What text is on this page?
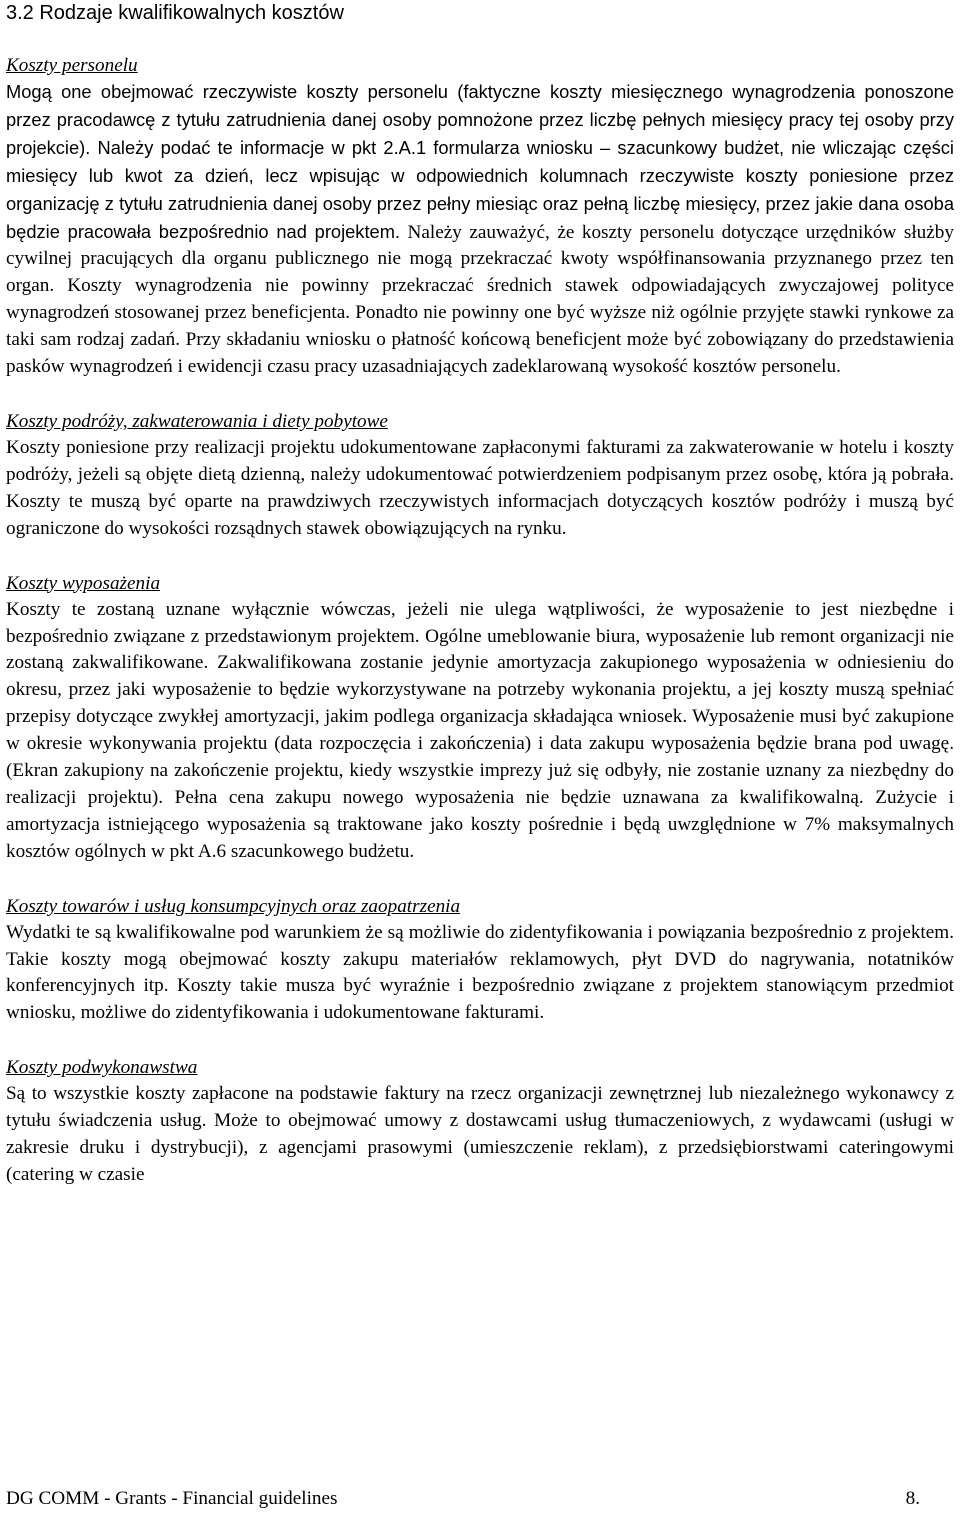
3.2 Rodzaje kwalifikowalnych kosztów
Koszty personelu

Mogą one obejmować rzeczywiste koszty personelu (faktyczne koszty miesięcznego wynagrodzenia ponoszone przez pracodawcę z tytułu zatrudnienia danej osoby pomnożone przez liczbę pełnych miesięcy pracy tej osoby przy projekcie). Należy podać te informacje w pkt 2.A.1 formularza wniosku – szacunkowy budżet, nie wliczając części miesięcy lub kwot za dzień, lecz wpisując w odpowiednich kolumnach rzeczywiste koszty poniesione przez organizację z tytułu zatrudnienia danej osoby przez pełny miesiąc oraz pełną liczbę miesięcy, przez jakie dana osoba będzie pracowała bezpośrednio nad projektem. Należy zauważyć, że koszty personelu dotyczące urzędników służby cywilnej pracujących dla organu publicznego nie mogą przekraczać kwoty współfinansowania przyznanego przez ten organ. Koszty wynagrodzenia nie powinny przekraczać średnich stawek odpowiadających zwyczajowej polityce wynagrodzeń stosowanej przez beneficjenta. Ponadto nie powinny one być wyższe niż ogólnie przyjęte stawki rynkowe za taki sam rodzaj zadań. Przy składaniu wniosku o płatność końcową beneficjent może być zobowiązany do przedstawienia pasków wynagrodzeń i ewidencji czasu pracy uzasadniających zadeklarowaną wysokość kosztów personelu.

Koszty podróży, zakwaterowania i diety pobytowe

Koszty poniesione przy realizacji projektu udokumentowane zapłaconymi fakturami za zakwaterowanie w hotelu i koszty podróży, jeżeli są objęte dietą dzienną, należy udokumentować potwierdzeniem podpisanym przez osobę, która ją pobrała. Koszty te muszą być oparte na prawdziwych rzeczywistych informacjach dotyczących kosztów podróży i muszą być ograniczone do wysokości rozsądnych stawek obowiązujących na rynku.

Koszty wyposażenia

Koszty te zostaną uznane wyłącznie wówczas, jeżeli nie ulega wątpliwości, że wyposażenie to jest niezbędne i bezpośrednio związane z przedstawionym projektem. Ogólne umeblowanie biura, wyposażenie lub remont organizacji nie zostaną zakwalifikowane. Zakwalifikowana zostanie jedynie amortyzacja zakupionego wyposażenia w odniesieniu do okresu, przez jaki wyposażenie to będzie wykorzystywane na potrzeby wykonania projektu, a jej koszty muszą spełniać przepisy dotyczące zwykłej amortyzacji, jakim podlega organizacja składająca wniosek. Wyposażenie musi być zakupione w okresie wykonywania projektu (data rozpoczęcia i zakończenia) i data zakupu wyposażenia będzie brana pod uwagę. (Ekran zakupiony na zakończenie projektu, kiedy wszystkie imprezy już się odbyły, nie zostanie uznany za niezbędny do realizacji projektu). Pełna cena zakupu nowego wyposażenia nie będzie uznawana za kwalifikowalną. Zużycie i amortyzacja istniejącego wyposażenia są traktowane jako koszty pośrednie i będą uwzględnione w 7% maksymalnych kosztów ogólnych w pkt A.6 szacunkowego budżetu.

Koszty towarów i usług konsumpcyjnych oraz zaopatrzenia

Wydatki te są kwalifikowalne pod warunkiem że są możliwie do zidentyfikowania i powiązania bezpośrednio z projektem. Takie koszty mogą obejmować koszty zakupu materiałów reklamowych, płyt DVD do nagrywania, notatników konferencyjnych itp. Koszty takie musza być wyraźnie i bezpośrednio związane z projektem stanowiącym przedmiot wniosku, możliwe do zidentyfikowania i udokumentowane fakturami.

Koszty podwykonawstwa

Są to wszystkie koszty zapłacone na podstawie faktury na rzecz organizacji zewnętrznej lub niezależnego wykonawcy z tytułu świadczenia usług. Może to obejmować umowy z dostawcami usług tłumaczeniowych, z wydawcami (usługi w zakresie druku i dystrybucji), z agencjami prasowymi (umieszczenie reklam), z przedsiębiorstwami cateringowymi (catering w czasie

DG COMM - Grants - Financial guidelines	8.
